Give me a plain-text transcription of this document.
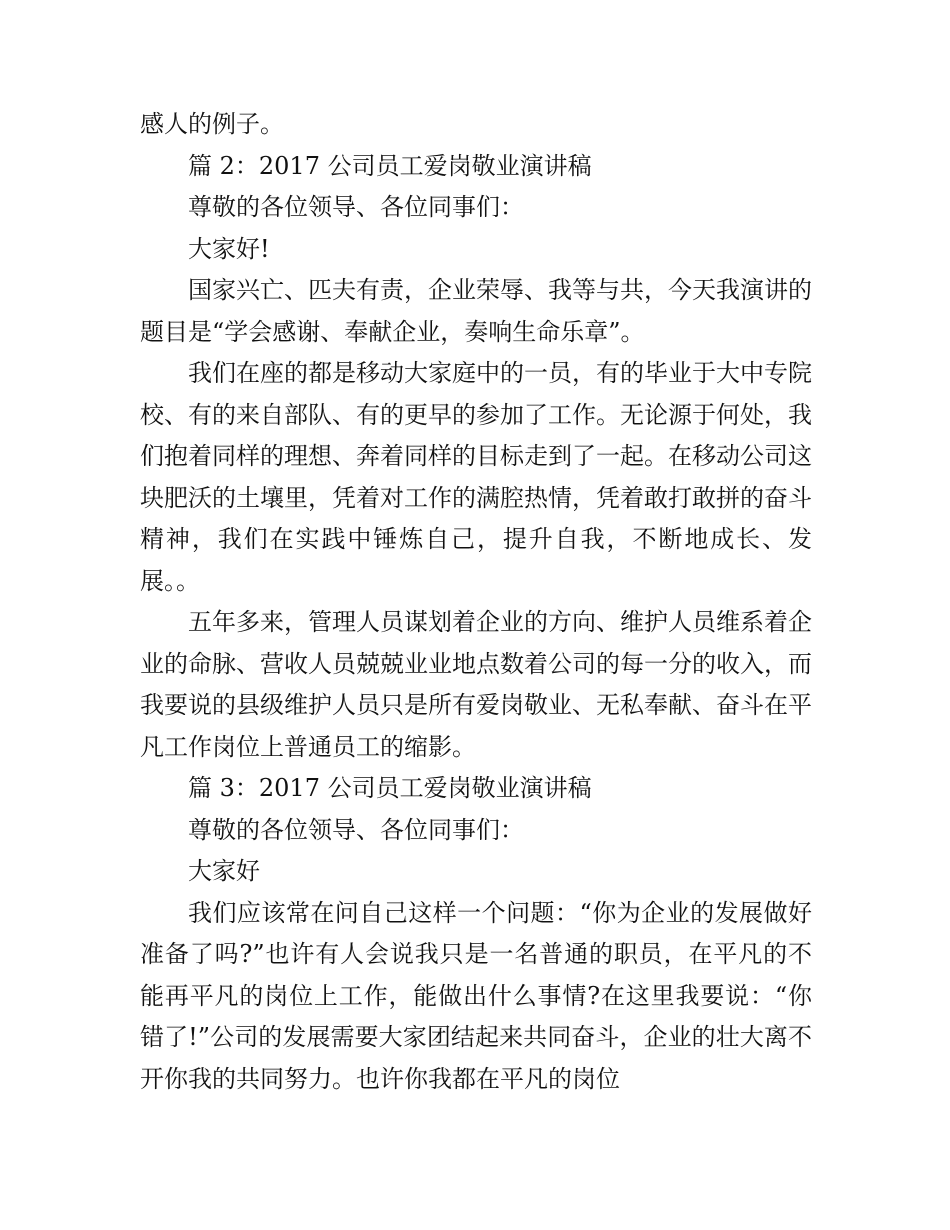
感人的例子。

篇 2：2017 公司员工爱岗敬业演讲稿

尊敬的各位领导、各位同事们：

大家好!

国家兴亡、匹夫有责，企业荣辱、我等与共，今天我演讲的题目是“学会感谢、奉献企业，奏响生命乐章”。

我们在座的都是移动大家庭中的一员，有的毕业于大中专院校、有的来自部队、有的更早的参加了工作。无论源于何处，我们抱着同样的理想、奔着同样的目标走到了一起。在移动公司这块肥沃的土壤里，凭着对工作的满腔热情，凭着敢打敢拼的奋斗精神，我们在实践中锤炼自己，提升自我，不断地成长、发展。。

五年多来，管理人员谋划着企业的方向、维护人员维系着企业的命脉、营收人员兢兢业业地点数着公司的每一分的收入，而我要说的县级维护人员只是所有爱岗敬业、无私奉献、奋斗在平凡工作岗位上普通员工的缩影。

篇 3：2017 公司员工爱岗敬业演讲稿

尊敬的各位领导、各位同事们：

大家好

我们应该常在问自己这样一个问题：“你为企业的发展做好准备了吗?”也许有人会说我只是一名普通的职员，在平凡的不能再平凡的岗位上工作，能做出什么事情?在这里我要说：“你错了!”公司的发展需要大家团结起来共同奋斗，企业的壮大离不开你我的共同努力。也许你我都在平凡的岗位
